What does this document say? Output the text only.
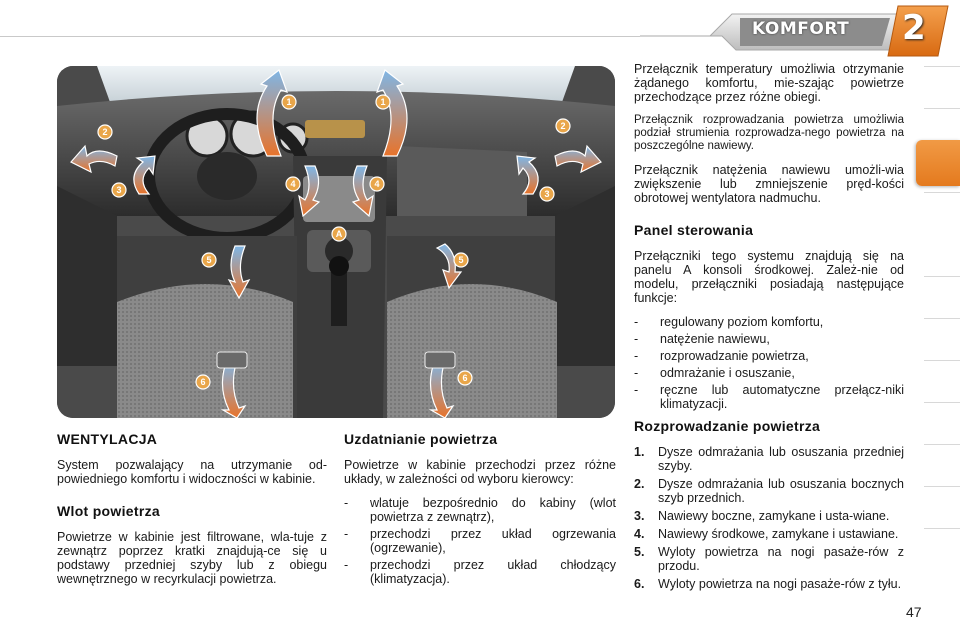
KOMFORT 2
1	1
2
2
3	3
4	4
A
5	5
6	6
WENTYLACJA

System pozwalający na utrzymanie od-powiedniego komfortu i widoczności w kabinie.

Wlot powietrza

Powietrze w kabinie jest filtrowane, wla-tuje z zewnątrz poprzez kratki znajdują-ce się u podstawy przedniej szyby lub z obiegu wewnętrznego w recyrkulacji powietrza.

Uzdatnianie powietrza

Powietrze w kabinie przechodzi przez różne układy, w zależności od wyboru kierowcy:

- wlatuje bezpośrednio do kabiny (wlot powietrza z zewnątrz),
- przechodzi przez układ ogrzewania (ogrzewanie),
- przechodzi przez układ chłodzący (klimatyzacja).

Przełącznik temperatury umożliwia otrzymanie żądanego komfortu, mie-szając powietrze przechodzące przez różne obiegi.

Przełącznik rozprowadzania powietrza umożliwia podział strumienia rozprowadza-nego powietrza na poszczególne nawiewy.

Przełącznik natężenia nawiewu umożli-wia zwiększenie lub zmniejszenie pręd-kości obrotowej wentylatora nadmuchu.

Panel sterowania

Przełączniki tego systemu znajdują się na panelu A konsoli środkowej. Zależ-nie od modelu, przełączniki posiadają następujące funkcje:

- regulowany poziom komfortu,
- natężenie nawiewu,
- rozprowadzanie powietrza,
- odmrażanie i osuszanie,
- ręczne lub automatyczne przełącz-niki klimatyzacji.
Rozprowadzanie powietrza
1.	Dysze odmrażania lub osuszania przedniej szyby.
2.	Dysze odmrażania lub osuszania bocznych szyb przednich.
3.	Nawiewy boczne, zamykane i usta-wiane.
4.	Nawiewy środkowe, zamykane i ustawiane.
5.	Wyloty powietrza na nogi pasaże-rów z przodu.
6.	Wyloty powietrza na nogi pasaże-rów z tyłu.
47
